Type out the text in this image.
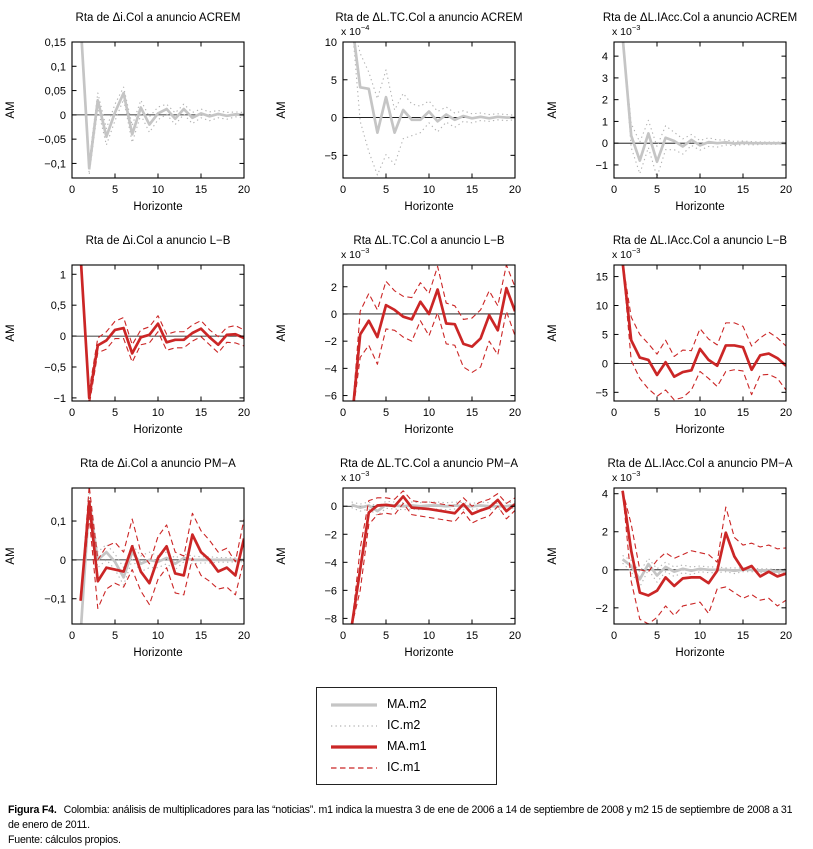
Rta de Δi.Col a anuncio ACREM
0	5	10	15	20
0,15
0,1
0,05
0
−0,05
−0,1
Horizonte
AM
Rta de ΔL.TC.Col a anuncio ACREM
x $10^{-4}$
0	5	10	15	20
10
5
0
−5
Horizonte
AM
Rta de ΔL.IAcc.Col a anuncio ACREM
x $10^{-3}$
0	5	10	15	20
4
3
2
1
0
−1
Horizonte
AM
Rta de Δi.Col a anuncio L−B
0	5	10	15	20
1
0,5
0
−0,5
−1
Horizonte
AM
Rta ΔL.TC.Col a anuncio L−B
x $10^{-3}$
0	5	10	15	20
2
0
−2
−4
−6
Horizonte
AM
Rta de ΔL.IAcc.Col a anuncio L−B
x $10^{-3}$
0	5	10	15	20
15
10
5
0
−5
Horizonte
AM
Rta de Δi.Col a anuncio PM−A
0	5	10	15	20
0,1
0
−0,1
Horizonte
AM
Rta de ΔL.TC.Col a anuncio PM−A
x $10^{-3}$
0	5	10	15	20
0
−2
−4
−6
−8
Horizonte
AM
Rta de ΔL.IAcc.Col a anuncio PM−A
x $10^{-3}$
0	5	10	15	20
4
2
0
−2
Horizonte
AM
MA.m2
IC.m2
MA.m1
IC.m1
Figura F4. Colombia: análisis de multiplicadores para las “noticias”. m1 indica la muestra 3 de ene de 2006 a 14 de septiembre de 2008 y m2 15 de septiembre de 2008 a 31 de enero de 2011.
Fuente: cálculos propios.
